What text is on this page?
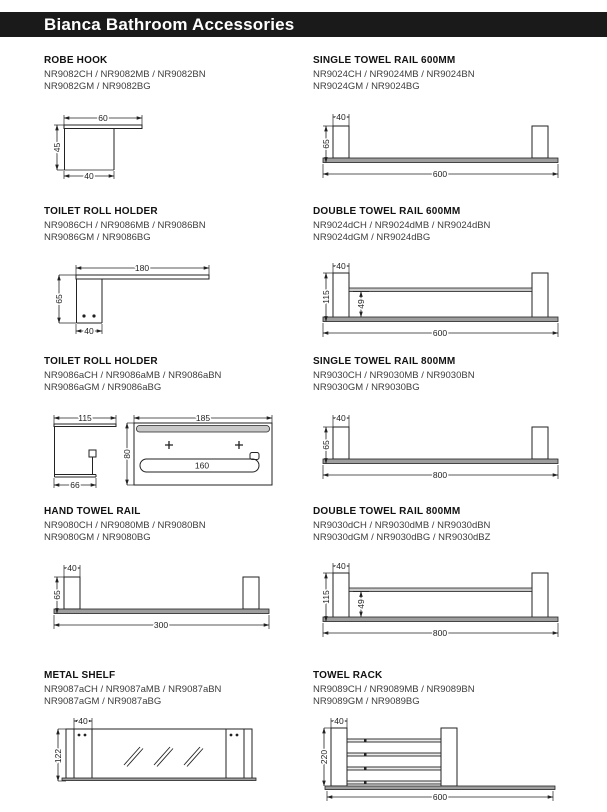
Bianca Bathroom Accessories
ROBE HOOK
NR9082CH / NR9082MB / NR9082BN
NR9082GM / NR9082BG
60
45
40
SINGLE TOWEL RAIL 600MM
NR9024CH / NR9024MB / NR9024BN
NR9024GM / NR9024BG
40
65
600
TOILET ROLL HOLDER
NR9086CH / NR9086MB / NR9086BN
NR9086GM / NR9086BG
180
65
40
DOUBLE TOWEL RAIL 600MM
NR9024dCH / NR9024dMB / NR9024dBN
NR9024dGM / NR9024dBG
40
115
49
600
TOILET ROLL HOLDER
NR9086aCH / NR9086aMB / NR9086aBN
NR9086aGM / NR9086aBG
115
66
185
160
80
SINGLE TOWEL RAIL 800MM
NR9030CH / NR9030MB / NR9030BN
NR9030GM / NR9030BG
40
65
800
HAND TOWEL RAIL
NR9080CH / NR9080MB / NR9080BN
NR9080GM / NR9080BG
40
65
300
DOUBLE TOWEL RAIL 800MM
NR9030dCH / NR9030dMB / NR9030dBN
NR9030dGM / NR9030dBG / NR9030dBZ
40
115
49
800
METAL SHELF
NR9087aCH / NR9087aMB / NR9087aBN
NR9087aGM / NR9087aBG
40
122
TOWEL RACK
NR9089CH / NR9089MB / NR9089BN
NR9089GM / NR9089BG
40
220
600
